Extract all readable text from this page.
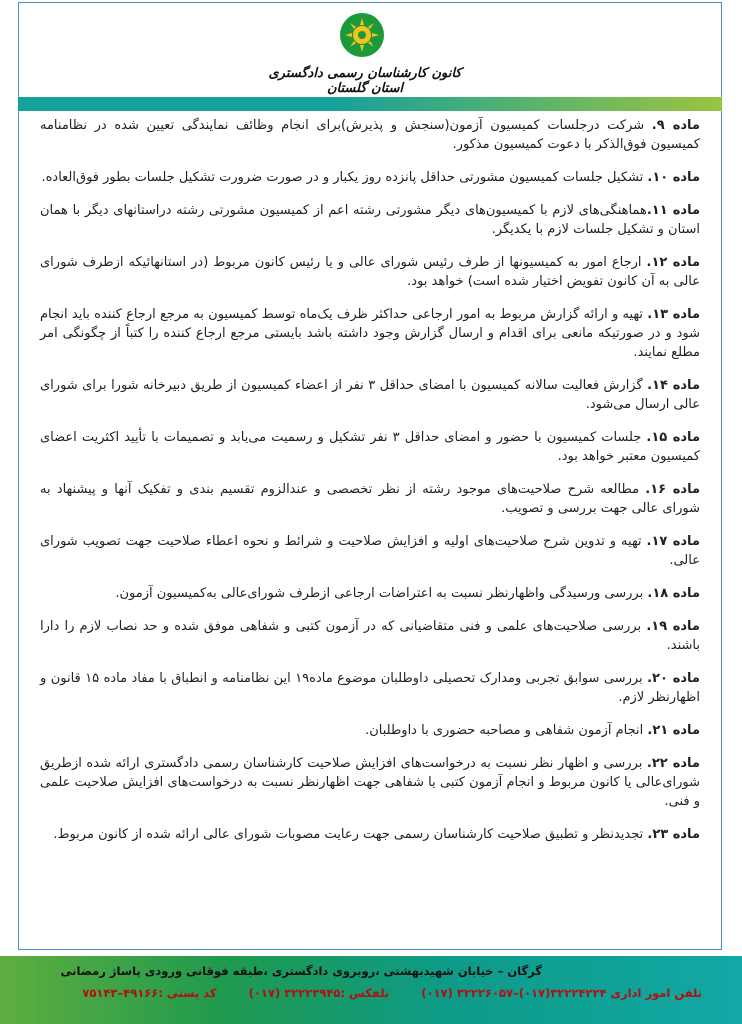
کانون کارشناسان رسمی دادگستری استان گلستان

ماده ۹. شرکت درجلسات کمیسیون آزمون(سنجش و پذیرش)برای انجام وظائف نمایندگی تعیین شده در نظامنامه کمیسیون فوق‌الذکر با دعوت کمیسیون مذکور.

ماده ۱۰. تشکیل جلسات کمیسیون مشورتی حداقل پانزده روز یکبار و در صورت ضرورت تشکیل جلسات بطور فوق‌العاده.

ماده ۱۱.هماهنگی‌های لازم با کمیسیون‌های دیگر مشورتی رشته اعم از کمیسیون مشورتی رشته دراستانهای دیگر با همان استان و تشکیل جلسات لازم با یکدیگر.

ماده ۱۲. ارجاع امور به کمیسیونها از طرف رئیس شورای عالی و یا رئیس کانون مربوط (در استانهائیکه ازطرف شورای عالی به آن کانون تفویض اختیار شده است) خواهد بود.

ماده ۱۳. تهیه و ارائه گزارش مربوط به امور ارجاعی حداکثر ظرف یک‌ماه توسط کمیسیون به مرجع ارجاع کننده باید انجام شود و در صورتیکه مانعی برای اقدام و ارسال گزارش وجود داشته باشد بایستی مرجع ارجاع کننده را کتباً از چگونگی امر مطلع نمایند.

ماده ۱۴. گزارش فعالیت سالانه کمیسیون با امضای حداقل ۳ نفر از اعضاء کمیسیون از طریق دبیرخانه شورا برای شورای عالی ارسال می‌شود.

ماده ۱۵. جلسات کمیسیون با حضور و امضای حداقل ۳ نفر تشکیل و رسمیت می‌یابد و تصمیمات با تأیید اکثریت اعضای کمیسیون معتبر خواهد بود.

ماده ۱۶. مطالعه شرح صلاحیت‌های موجود رشته از نظر تخصصی و عندالزوم تقسیم بندی و تفکیک آنها و پیشنهاد به شورای عالی جهت بررسی و تصویب.

ماده ۱۷. تهیه و تدوین شرح صلاحیت‌های اولیه و افزایش صلاحیت و شرائط و نحوه اعطاء صلاحیت جهت تصویب شورای عالی.

ماده ۱۸. بررسی ورسیدگی واظهارنظر نسبت به اعتراضات ارجاعی ازطرف شورای‌عالی به‌کمیسیون آزمون.

ماده ۱۹. بررسی صلاحیت‌های علمی و فنی متقاضیانی که در آزمون کتبی و شفاهی موفق شده و حد نصاب لازم را دارا باشند.

ماده ۲۰. بررسی سوابق تجربی ومدارک تحصیلی داوطلبان موضوع ماده۱۹ این نظامنامه و انطباق با مفاد ماده ۱۵ قانون و اظهارنظر لازم.

ماده ۲۱. انجام آزمون شفاهی و مصاحبه حضوری با داوطلبان.

ماده ۲۲. بررسی و اظهار نظر نسبت به درخواست‌های افزایش صلاحیت کارشناسان رسمی دادگستری ارائه شده ازطریق شورای‌عالی یا کانون مربوط و انجام آزمون کتبی یا شفاهی جهت اظهارنظر نسبت به درخواست‌های افزایش صلاحیت علمی و فنی.

ماده ۲۳. تجدیدنظر و تطبیق صلاحیت کارشناسان رسمی جهت رعایت مصوبات شورای عالی ارائه شده از کانون مربوط.

گرگان – خیابان شهیدبهشتی ،روبروی دادگستری ،طبقه فوقانی ورودی پاساژ رمضانی
تلفن امور اداری ۳۲۲۲۴۲۲۴(۰۱۷)–۳۲۲۲۶۰۵۷ (۰۱۷) تلفکس :۳۲۲۲۳۹۴۵ (۰۱۷) کد پستی :۴۹۱۶۶–۷۵۱۴۳
